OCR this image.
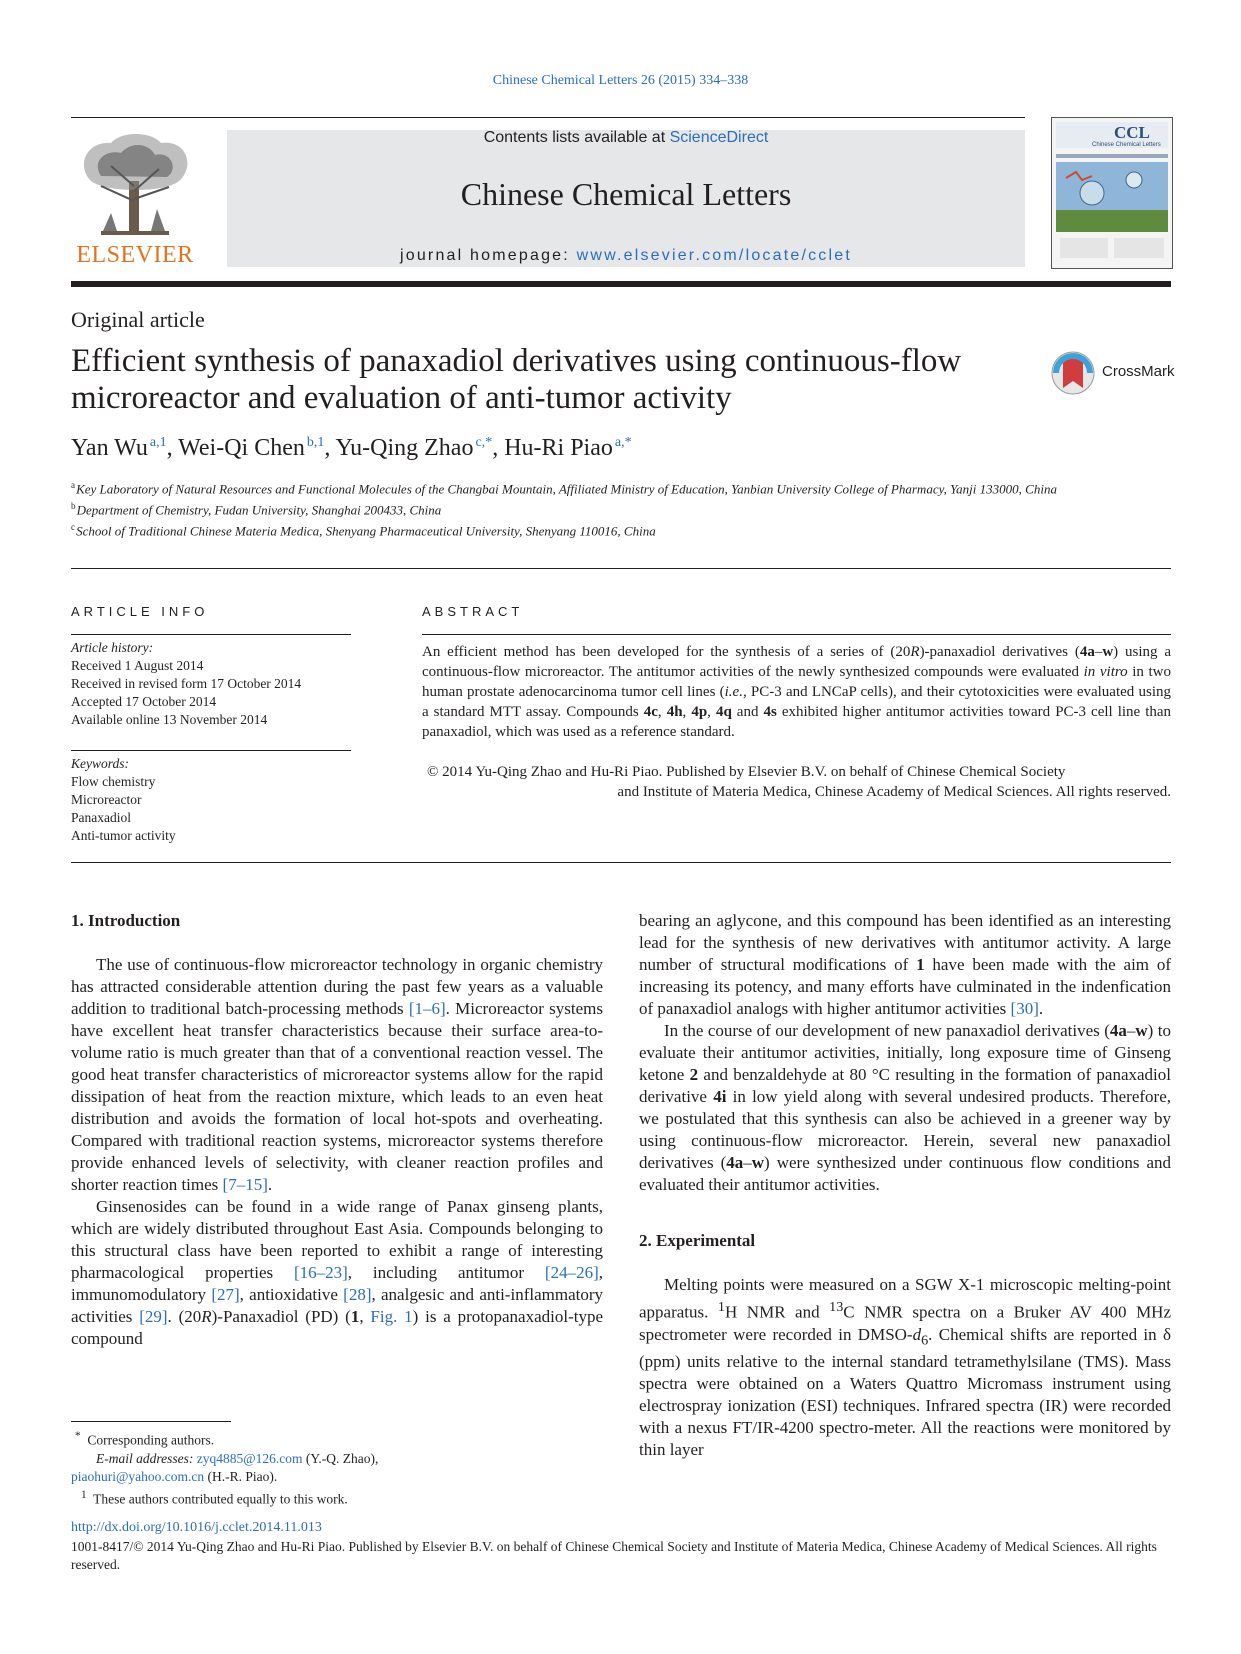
Chinese Chemical Letters 26 (2015) 334–338
ELSEVIER
Contents lists available at ScienceDirect
Chinese Chemical Letters
journal homepage: www.elsevier.com/locate/cclet
CCL
Chinese Chemical Letters
Original article
Efficient synthesis of panaxadiol derivatives using continuous-flow microreactor and evaluation of anti-tumor activity
CrossMark
Yan Wu  $^{a,1}$, Wei-Qi Chen  $^{b,1}$, Yu-Qing Zhao  $^{c,*}$, Hu-Ri Piao  $^{a,*}$
$^a$ Key Laboratory of Natural Resources and Functional Molecules of the Changbai Mountain, Affiliated Ministry of Education, Yanbian University College of Pharmacy, Yanji 133000, China
$^b$ Department of Chemistry, Fudan University, Shanghai 200433, China
$^c$ School of Traditional Chinese Materia Medica, Shenyang Pharmaceutical University, Shenyang 110016, China
ARTICLE INFO
Article history:
Received 1 August 2014
Received in revised form 17 October 2014
Accepted 17 October 2014
Available online 13 November 2014
Keywords:
Flow chemistry
Microreactor
Panaxadiol
Anti-tumor activity
ABSTRACT
An efficient method has been developed for the synthesis of a series of (20R)-panaxadiol derivatives (4a–w) using a continuous-flow microreactor. The antitumor activities of the newly synthesized compounds were evaluated in vitro in two human prostate adenocarcinoma tumor cell lines (i.e., PC-3 and LNCaP cells), and their cytotoxicities were evaluated using a standard MTT assay. Compounds 4c, 4h, 4p, 4q and 4s exhibited higher antitumor activities toward PC-3 cell line than panaxadiol, which was used as a reference standard.
© 2014 Yu-Qing Zhao and Hu-Ri Piao. Published by Elsevier B.V. on behalf of Chinese Chemical Society
and Institute of Materia Medica, Chinese Academy of Medical Sciences. All rights reserved.
1. Introduction

The use of continuous-flow microreactor technology in organic chemistry has attracted considerable attention during the past few years as a valuable addition to traditional batch-processing methods [1–6]. Microreactor systems have excellent heat transfer characteristics because their surface area-to-volume ratio is much greater than that of a conventional reaction vessel. The good heat transfer characteristics of microreactor systems allow for the rapid dissipation of heat from the reaction mixture, which leads to an even heat distribution and avoids the formation of local hot-spots and overheating. Compared with traditional reaction systems, microreactor systems therefore provide enhanced levels of selectivity, with cleaner reaction profiles and shorter reaction times [7–15].

Ginsenosides can be found in a wide range of Panax ginseng plants, which are widely distributed throughout East Asia. Compounds belonging to this structural class have been reported to exhibit a range of interesting pharmacological properties [16–23], including antitumor [24–26], immunomodulatory [27], antioxidative [28], analgesic and anti-inflammatory activities [29]. (20R)-Panaxadiol (PD) (1, Fig. 1) is a protopanaxadiol-type compound

bearing an aglycone, and this compound has been identified as an interesting lead for the synthesis of new derivatives with antitumor activity. A large number of structural modifications of 1 have been made with the aim of increasing its potency, and many efforts have culminated in the indenfication of panaxadiol analogs with higher antitumor activities [30].

In the course of our development of new panaxadiol derivatives (4a–w) to evaluate their antitumor activities, initially, long exposure time of Ginseng ketone 2 and benzaldehyde at 80 °C resulting in the formation of panaxadiol derivative 4i in low yield along with several undesired products. Therefore, we postulated that this synthesis can also be achieved in a greener way by using continuous-flow microreactor. Herein, several new panaxadiol derivatives (4a–w) were synthesized under continuous flow conditions and evaluated their antitumor activities.

2. Experimental

Melting points were measured on a SGW X-1 microscopic melting-point apparatus. $^1$H NMR and $^{13}$C NMR spectra on a Bruker AV 400 MHz spectrometer were recorded in DMSO-$d_6$. Chemical shifts are reported in δ (ppm) units relative to the internal standard tetramethylsilane (TMS). Mass spectra were obtained on a Waters Quattro Micromass instrument using electrospray ionization (ESI) techniques. Infrared spectra (IR) were recorded with a nexus FT/IR-4200 spectro-meter. All the reactions were monitored by thin layer

* Corresponding authors.
E-mail addresses: zyq4885@126.com (Y.-Q. Zhao),
piaohuri@yahoo.com.cn (H.-R. Piao).
$^1$ These authors contributed equally to this work.
http://dx.doi.org/10.1016/j.cclet.2014.11.013
1001-8417/© 2014 Yu-Qing Zhao and Hu-Ri Piao. Published by Elsevier B.V. on behalf of Chinese Chemical Society and Institute of Materia Medica, Chinese Academy of Medical Sciences. All rights reserved.
